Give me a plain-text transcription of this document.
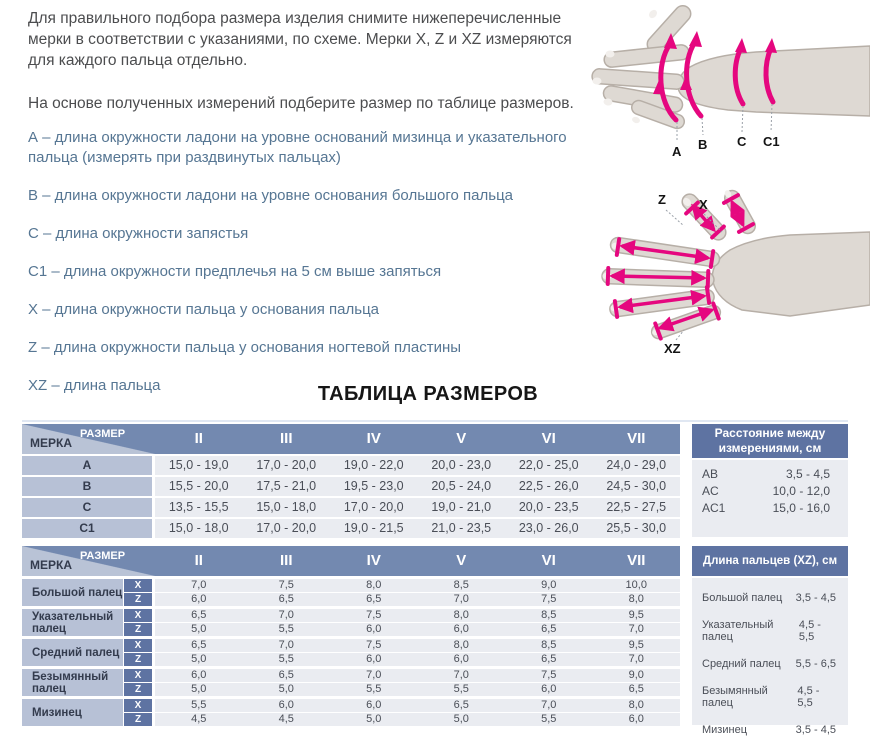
Для правильного подбора размера изделия снимите нижеперечисленные мерки в соответствии с указаниями, по схеме. Мерки X, Z и XZ измеряются для каждого пальца отдельно.

На основе полученных измерений подберите размер по таблице размеров.

А – длина окружности ладони на уровне оснований мизинца и указательного пальца (измерять при раздвинутых пальцах)
В – длина окружности ладони на уровне основания большого пальца
С – длина окружности запястья
С1 – длина окружности предплечья на 5 см выше запяться
Х – длина окружности пальца у основания пальца
Z – длина окружности пальца у основания ногтевой пластины
XZ – длина пальца
A B C C1
Z	X
XZ
ТАБЛИЦА РАЗМЕРОВ
РАЗМЕР
МЕРКА	II	III	IV	V	VI	VII
A	15,0 - 19,0	17,0 - 20,0	19,0 - 22,0	20,0 - 23,0	22,0 - 25,0	24,0 - 29,0
B	15,5 - 20,0	17,5 - 21,0	19,5 - 23,0	20,5 - 24,0	22,5 - 26,0	24,5 - 30,0
C	13,5 - 15,5	15,0 - 18,0	17,0 - 20,0	19,0 - 21,0	20,0 - 23,5	22,5 - 27,5
C1	15,0 - 18,0	17,0 - 20,0	19,0 - 21,5	21,0 - 23,5	23,0 - 26,0	25,5 - 30,0
Расстояние между измерениями, см
AB	3,5 - 4,5
AC	10,0 - 12,0
AC1	15,0 - 16,0
РАЗМЕР
МЕРКА	II	III	IV	V	VI	VII
Большой палец
X
Z
7,0	7,5	8,0	8,5	9,0	10,0
6,0	6,5	6,5	7,0	7,5	8,0
Указательный палец
X
Z
6,5	7,0	7,5	8,0	8,5	9,5
5,0	5,5	6,0	6,0	6,5	7,0
Средний палец
X
Z
6,5	7,0	7,5	8,0	8,5	9,5
5,0	5,5	6,0	6,0	6,5	7,0
Безымянный палец
X
Z
6,0	6,5	7,0	7,0	7,5	9,0
5,0	5,0	5,5	5,5	6,0	6,5
Мизинец
X
Z
5,5	6,0	6,0	6,5	7,0	8,0
4,5	4,5	5,0	5,0	5,5	6,0
Длина пальцев (XZ), см
Большой палец 3,5 - 4,5
Указательный палец
4,5 - 5,5
Средний палец 5,5 - 6,5
Безымянный палец
4,5 - 5,5
Мизинец	3,5 - 4,5
